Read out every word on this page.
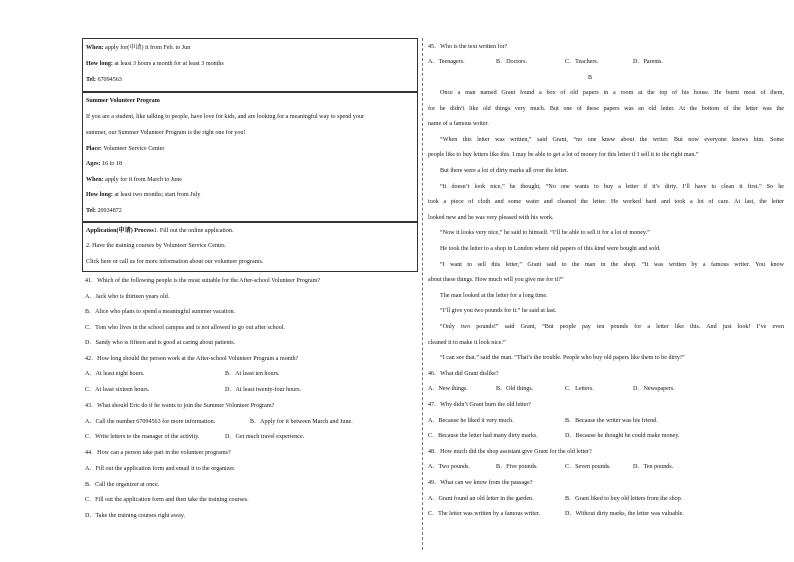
When: apply for(申请) it from Feb. to Jun
How long: at least 3 hours a month for at least 3 months
Tel: 67094563
Summer Volunteer Program
If you are a student, like talking to people, have love for kids, and are looking for a meaningful way to spend your
summer, our Summer Volunteer Program is the right one for you!
Place: Volunteer Service Center
Ages: 16 to 18
When: apply for it from March to June
How long: at least two months; start from July
Tel: 20934872
Application(申请) Process1. Fill out the online application.
2. Have the training courses by Volunteer Service Center.
Click here or call us for more information about our volunteer programs.
41．Which of the following people is the most suitable for the After-school Volunteer Program?
A．Jack who is thirteen years old.
B．Alice who plans to spend a meaningful summer vacation.
C．Tom who lives in the school campus and is not allowed to go out after school.
D．Sandy who is fifteen and is good at caring about patients.
42．How long should the person work at the After-school Volunteer Program a month?
A．At least eight hours.	B．At least ten hours.
C．At least sixteen hours.	D．At least twenty-four hours.
43．What should Eric do if he wants to join the Summer Volunteer Program?
A．Call the number 67094563 for more information.	B．Apply for it between March and June.
C．Write letters to the manager of the activity.	D．Get much travel experience.
44．How can a person take part in the volunteer programs?
A．Fill out the application form and email it to the organizer.
B．Call the organizer at once.
C．Fill out the application form and then take the training courses.
D．Take the training courses right away.
45．Who is the text written for?
A．Teenagers.	B．Doctors.	C．Teachers.	D．Parents.
B
Once a man named Grant found a box of old papers in a room at the top of his house. He burnt most of them,
for he didn’t like old things very much. But one of these papers was an old letter. At the bottom of the letter was the
name of a famous writer.
“When this letter was written,” said Grant, “no one knew about the writer. But now everyone knows him. Some
people like to buy letters like this. I may be able to get a lot of money for this letter if I sell it to the right man.”
But there were a lot of dirty marks all over the letter.
“It doesn’t look nice,” he thought, “No one wants to buy a letter if it’s dirty. I’ll have to clean it first.” So he
took a piece of cloth and some water and cleaned the letter. He worked hard and took a lot of care. At last, the letter
looked new and he was very pleased with his work.
“Now it looks very nice,” he said to himself. “I’ll be able to sell it for a lot of money.”
He took the letter to a shop in London where old papers of this kind were bought and sold.
“I want to sell this letter,” Grant said to the man in the shop. “It was written by a famous writer. You know
about these things. How much will you give me for it?”
The man looked at the letter for a long time.
“I’ll give you two pounds for it.” he said at last.
“Only two pounds!” said Grant, “But people pay ten pounds for a letter like this. And just look! I’ve even
cleaned it to make it look nice.”
“I can see that.” said the man. “That’s the trouble. People who buy old papers like them to be dirty!”
46．What did Grant dislike?
A．New things.	B．Old things.	C．Letters.	D．Newspapers.
47．Why didn’t Grant burn the old letter?
A．Because he liked it very much.	B．Because the writer was his friend.
C．Because the letter had many dirty marks.	D．Because he thought he could make money.
48．How much did the shop assistant give Grant for the old letter?
A．Two pounds.	B．Five pounds.	C．Seven pounds.	D．Ten pounds.
49．What can we know from the passage?
A．Grant found an old letter in the garden.	B．Grant liked to buy old letters from the shop.
C．The letter was written by a famous writer.	D．Without dirty marks, the letter was valuable.
